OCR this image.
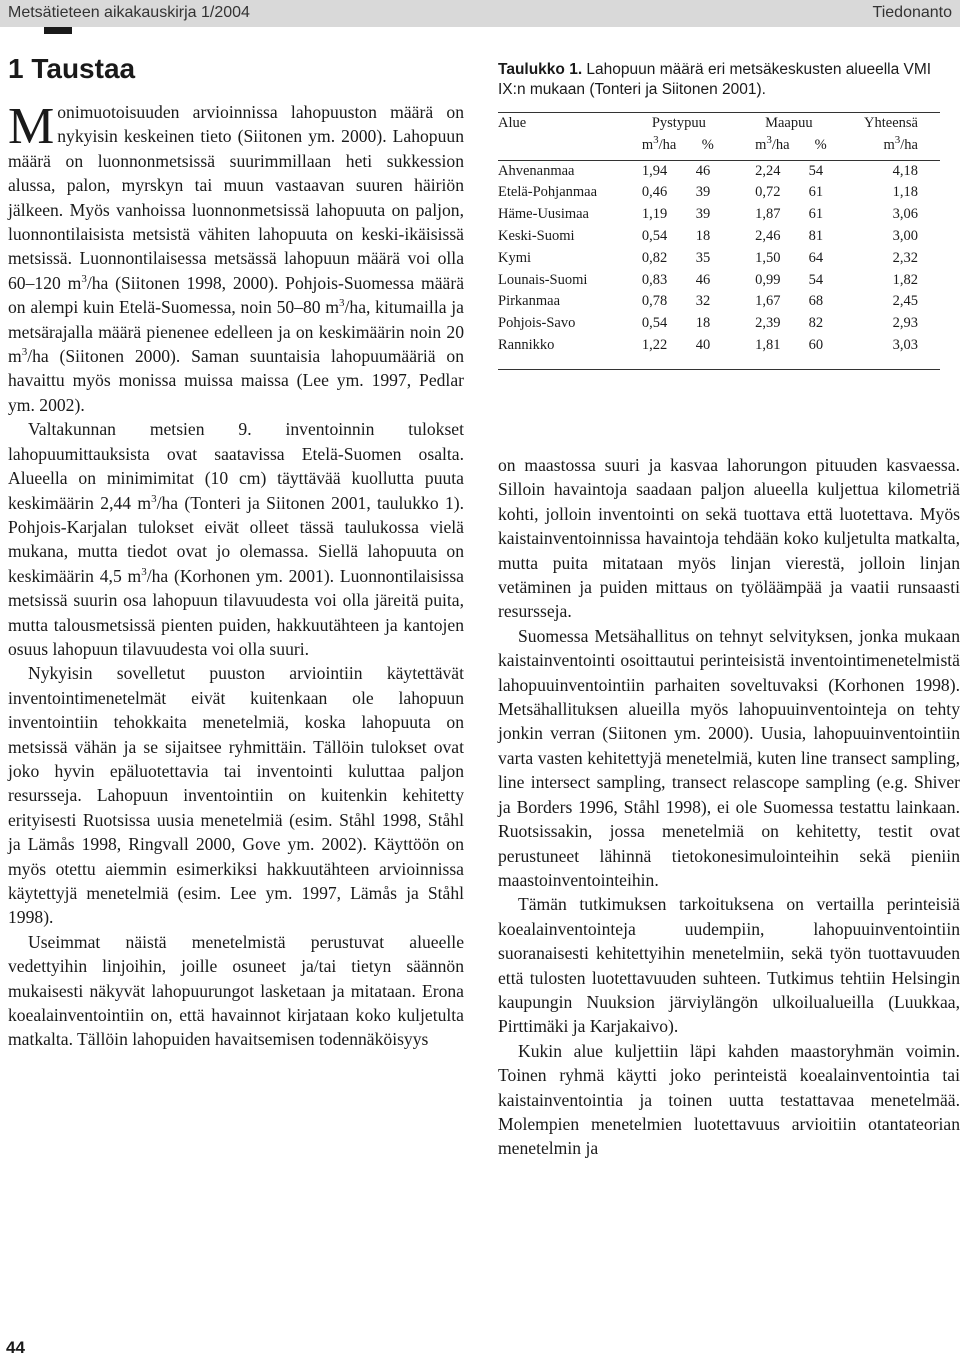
Metsätieteen aikakauskirja 1/2004	Tiedonanto
1 Taustaa

Monimuotoisuuden arvioinnissa lahopuuston määrä on nykyisin keskeinen tieto (Siitonen ym. 2000). Lahopuun määrä on luonnonmetsissä suurimmillaan heti sukkession alussa, palon, myrskyn tai muun vastaavan suuren häiriön jälkeen. Myös vanhoissa luonnonmetsissä lahopuuta on paljon, luonnontilaisista metsistä vähiten lahopuuta on keski-ikäisissä metsissä. Luonnontilaisessa metsässä lahopuun määrä voi olla 60–120 $m^3/ha$ (Siitonen 1998, 2000). Pohjois-Suomessa määrä on alempi kuin Etelä-Suomessa, noin 50–80 $m^3/ha$, kitumailla ja metsärajalla määrä pienenee edelleen ja on keskimäärin noin 20 $m^3/ha$ (Siitonen 2000). Saman suuntaisia lahopuumääriä on havaittu myös monissa muissa maissa (Lee ym. 1997, Pedlar ym. 2002).

Valtakunnan metsien 9. inventoinnin tulokset lahopuumittauksista ovat saatavissa Etelä-Suomen osalta. Alueella on minimimitat (10 cm) täyttävää kuollutta puuta keskimäärin 2,44 $m^3/ha$ (Tonteri ja Siitonen 2001, taulukko 1). Pohjois-Karjalan tulokset eivät olleet tässä taulukossa vielä mukana, mutta tiedot ovat jo olemassa. Siellä lahopuuta on keskimäärin 4,5 $m^3/ha$ (Korhonen ym. 2001). Luonnontilaisissa metsissä suurin osa lahopuun tilavuudesta voi olla järeitä puita, mutta talousmetsissä pienten puiden, hakkuutähteen ja kantojen osuus lahopuun tilavuudesta voi olla suuri.

Nykyisin sovelletut puuston arviointiin käytettävät inventointimenetelmät eivät kuitenkaan ole lahopuun inventointiin tehokkaita menetelmiä, koska lahopuuta on metsissä vähän ja se sijaitsee ryhmittäin. Tällöin tulokset ovat joko hyvin epäluotettavia tai inventointi kuluttaa paljon resursseja. Lahopuun inventointiin on kuitenkin kehitetty erityisesti Ruotsissa uusia menetelmiä (esim. Ståhl 1998, Ståhl ja Lämås 1998, Ringvall 2000, Gove ym. 2002). Käyttöön on myös otettu aiemmin esimerkiksi hakkuutähteen arvioinnissa käytettyjä menetelmiä (esim. Lee ym. 1997, Lämås ja Ståhl 1998).

Useimmat näistä menetelmistä perustuvat alueelle vedettyihin linjoihin, joille osuneet ja/tai tietyn säännön mukaisesti näkyvät lahopuurungot lasketaan ja mitataan. Erona koealainventointiin on, että havainnot kirjataan koko kuljetulta matkalta. Tällöin lahopuiden havaitsemisen todennäköisyys

Taulukko 1. Lahopuun määrä eri metsäkeskusten alueella VMI IX:n mukaan (Tonteri ja Siitonen 2001).
Alue	Pystypuu		Maapuu		Yhteensä
	$m^3/ha$	%	$m^3/ha$	%	$m^3/ha$

Ahvenanmaa	1,94	46	2,24	54	4,18
Etelä-Pohjanmaa	0,46	39	0,72	61	1,18
Häme-Uusimaa	1,19	39	1,87	61	3,06
Keski-Suomi	0,54	18	2,46	81	3,00
Kymi	0,82	35	1,50	64	2,32
Lounais-Suomi	0,83	46	0,99	54	1,82
Pirkanmaa	0,78	32	1,67	68	2,45
Pohjois-Savo	0,54	18	2,39	82	2,93
Rannikko	1,22	40	1,81	60	3,03

on maastossa suuri ja kasvaa lahorungon pituuden kasvaessa. Silloin havaintoja saadaan paljon alueella kuljettua kilometriä kohti, jolloin inventointi on sekä tuottava että luotettava. Myös kaistainventoinnissa havaintoja tehdään koko kuljetulta matkalta, mutta puita mitataan myös linjan vierestä, jolloin linjan vetäminen ja puiden mittaus on työläämpää ja vaatii runsaasti resursseja.

Suomessa Metsähallitus on tehnyt selvityksen, jonka mukaan kaistainventointi osoittautui perinteisistä inventointimenetelmistä lahopuuinventointiin parhaiten soveltuvaksi (Korhonen 1998). Metsähallituksen alueilla myös lahopuuinventointeja on tehty jonkin verran (Siitonen ym. 2000). Uusia, lahopuuinventointiin varta vasten kehitettyjä menetelmiä, kuten line transect sampling, line intersect sampling, transect relascope sampling (e.g. Shiver ja Borders 1996, Ståhl 1998), ei ole Suomessa testattu lainkaan. Ruotsissakin, jossa menetelmiä on kehitetty, testit ovat perustuneet lähinnä tietokonesimulointeihin sekä pieniin maastoinventointeihin.

Tämän tutkimuksen tarkoituksena on vertailla perinteisiä koealainventointeja uudempiin, lahopuuinventointiin suoranaisesti kehitettyihin menetelmiin, sekä työn tuottavuuden että tulosten luotettavuuden suhteen. Tutkimus tehtiin Helsingin kaupungin Nuuksion järviylängön ulkoilualueilla (Luukkaa, Pirttimäki ja Karjakaivo).

Kukin alue kuljettiin läpi kahden maastoryhmän voimin. Toinen ryhmä käytti joko perinteistä koealainventointia tai kaistainventointia ja toinen uutta testattavaa menetelmää. Molempien menetelmien luotettavuus arvioitiin otantateorian menetelmin ja

44
